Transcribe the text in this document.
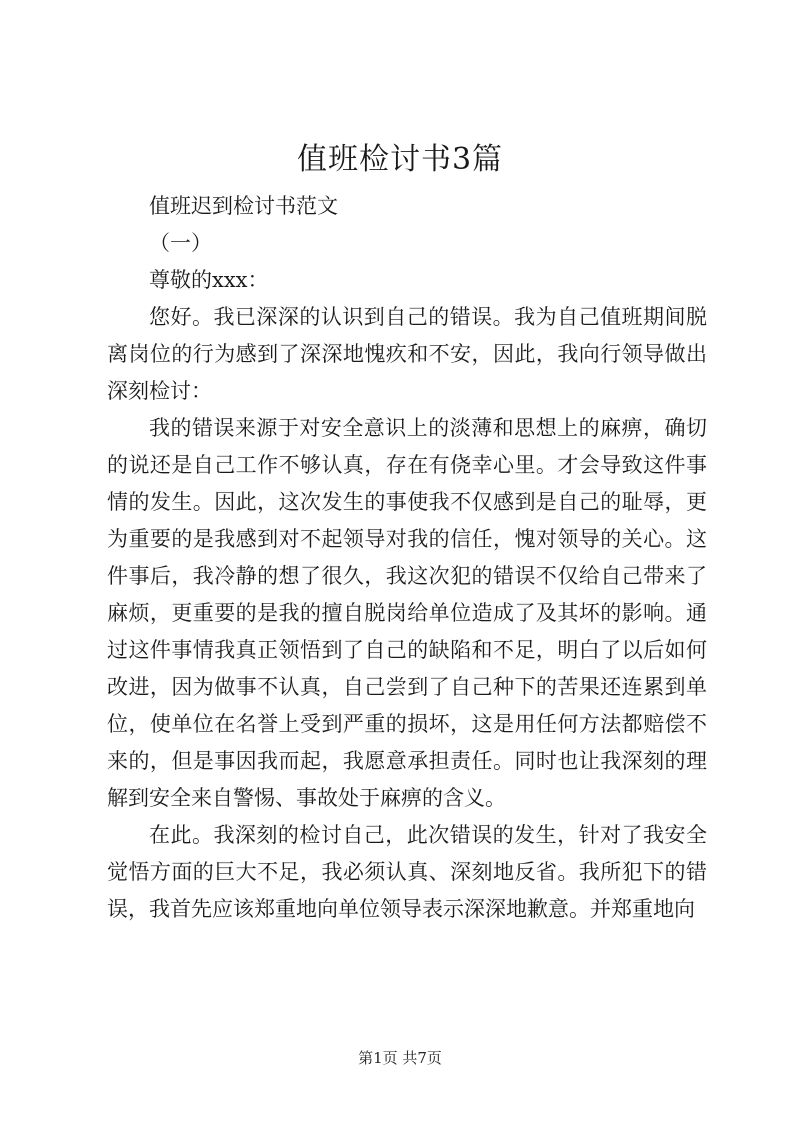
值班检讨书3篇

值班迟到检讨书范文

（一）

尊敬的xxx：

您好。我已深深的认识到自己的错误。我为自己值班期间脱离岗位的行为感到了深深地愧疚和不安，因此，我向行领导做出深刻检讨：

我的错误来源于对安全意识上的淡薄和思想上的麻痹，确切的说还是自己工作不够认真，存在有侥幸心里。才会导致这件事情的发生。因此，这次发生的事使我不仅感到是自己的耻辱，更为重要的是我感到对不起领导对我的信任，愧对领导的关心。这件事后，我冷静的想了很久，我这次犯的错误不仅给自己带来了麻烦，更重要的是我的擅自脱岗给单位造成了及其坏的影响。通过这件事情我真正领悟到了自己的缺陷和不足，明白了以后如何改进，因为做事不认真，自己尝到了自己种下的苦果还连累到单位，使单位在名誉上受到严重的损坏，这是用任何方法都赔偿不来的，但是事因我而起，我愿意承担责任。同时也让我深刻的理解到安全来自警惕、事故处于麻痹的含义。

在此。我深刻的检讨自己，此次错误的发生，针对了我安全觉悟方面的巨大不足，我必须认真、深刻地反省。我所犯下的错误，我首先应该郑重地向单位领导表示深深地歉意。并郑重地向

第1页 共7页
